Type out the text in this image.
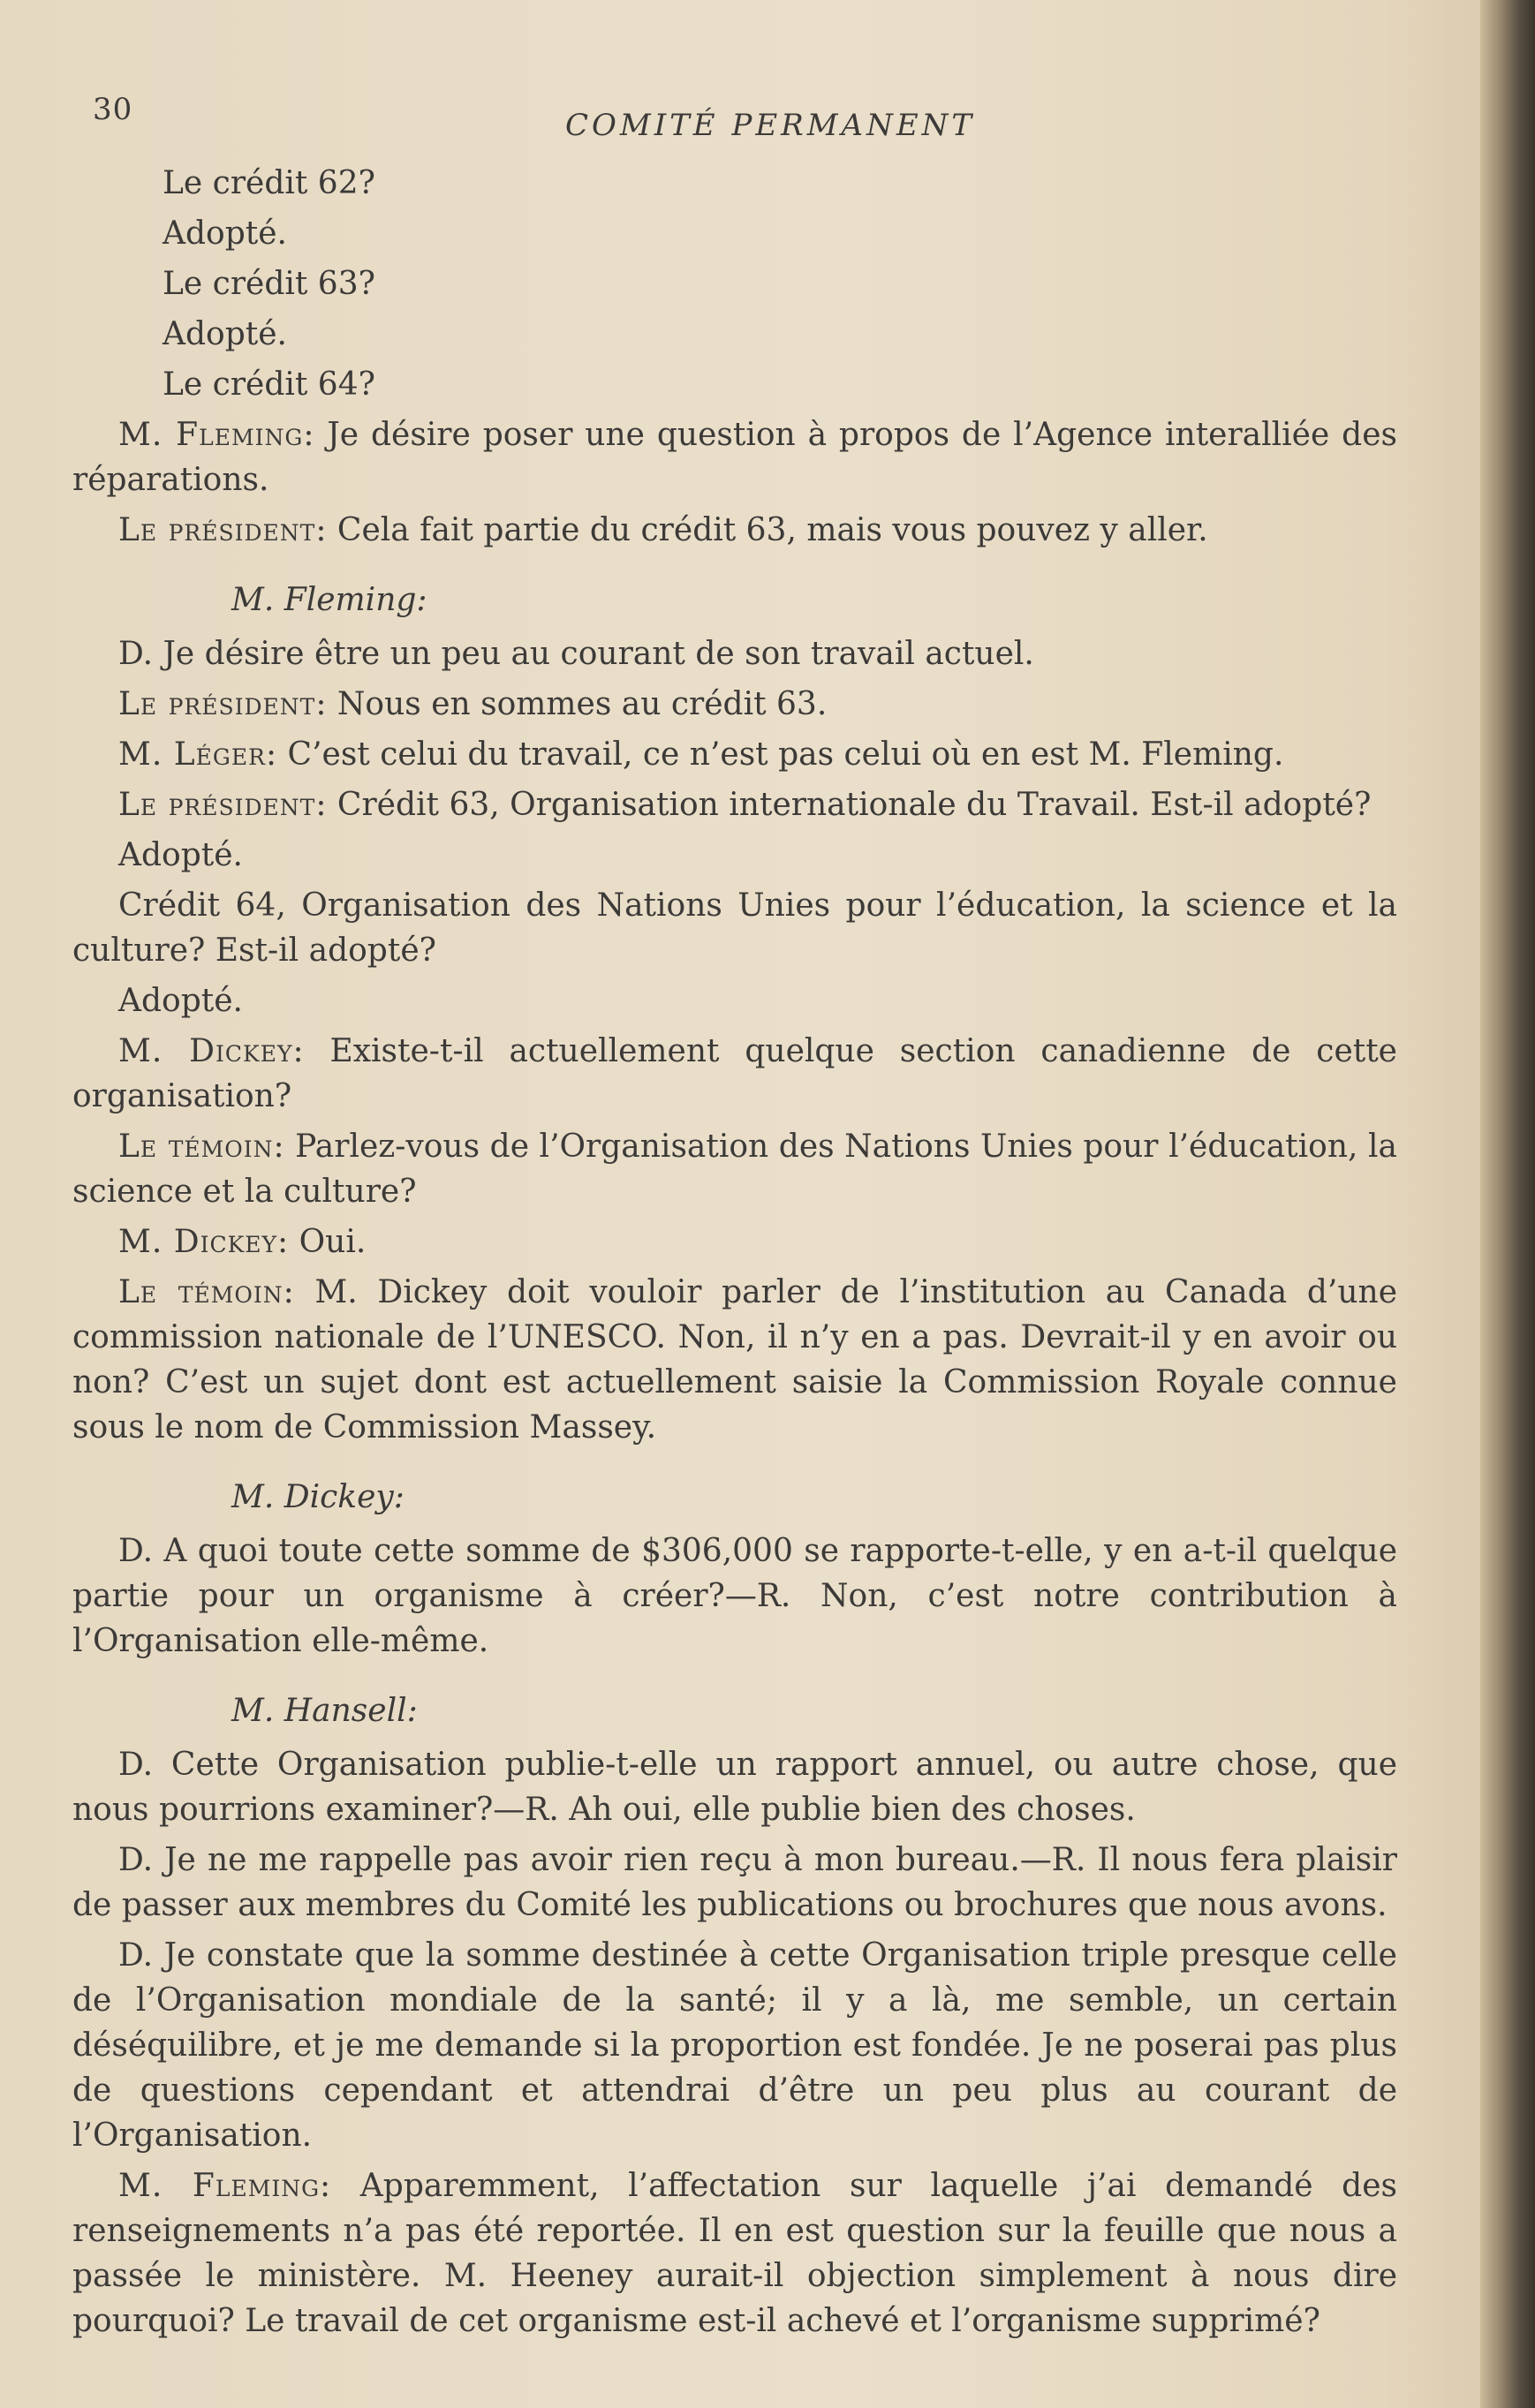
30	COMITÉ PERMANENT

Le crédit 62?

Adopté.

Le crédit 63?

Adopté.

Le crédit 64?

M. Fleming: Je désire poser une question à propos de l’Agence interalliée des réparations.

Le président: Cela fait partie du crédit 63, mais vous pouvez y aller.

M. Fleming:

D. Je désire être un peu au courant de son travail actuel.

Le président: Nous en sommes au crédit 63.

M. Léger: C’est celui du travail, ce n’est pas celui où en est M. Fleming.

Le président: Crédit 63, Organisation internationale du Travail. Est-il adopté?

Adopté.

Crédit 64, Organisation des Nations Unies pour l’éducation, la science et la culture? Est-il adopté?

Adopté.

M. Dickey: Existe-t-il actuellement quelque section canadienne de cette organisation?

Le témoin: Parlez-vous de l’Organisation des Nations Unies pour l’éducation, la science et la culture?

M. Dickey: Oui.

Le témoin: M. Dickey doit vouloir parler de l’institution au Canada d’une commission nationale de l’UNESCO. Non, il n’y en a pas. Devrait-il y en avoir ou non? C’est un sujet dont est actuellement saisie la Commission Royale connue sous le nom de Commission Massey.

M. Dickey:

D. A quoi toute cette somme de $306,000 se rapporte-t-elle, y en a-t-il quelque partie pour un organisme à créer?—R. Non, c’est notre contribution à l’Organisation elle-même.

M. Hansell:

D. Cette Organisation publie-t-elle un rapport annuel, ou autre chose, que nous pourrions examiner?—R. Ah oui, elle publie bien des choses.

D. Je ne me rappelle pas avoir rien reçu à mon bureau.—R. Il nous fera plaisir de passer aux membres du Comité les publications ou brochures que nous avons.

D. Je constate que la somme destinée à cette Organisation triple presque celle de l’Organisation mondiale de la santé; il y a là, me semble, un certain déséquilibre, et je me demande si la proportion est fondée. Je ne poserai pas plus de questions cependant et attendrai d’être un peu plus au courant de l’Organisation.

M. Fleming: Apparemment, l’affectation sur laquelle j’ai demandé des renseignements n’a pas été reportée. Il en est question sur la feuille que nous a passée le ministère. M. Heeney aurait-il objection simplement à nous dire pourquoi? Le travail de cet organisme est-il achevé et l’organisme supprimé?
